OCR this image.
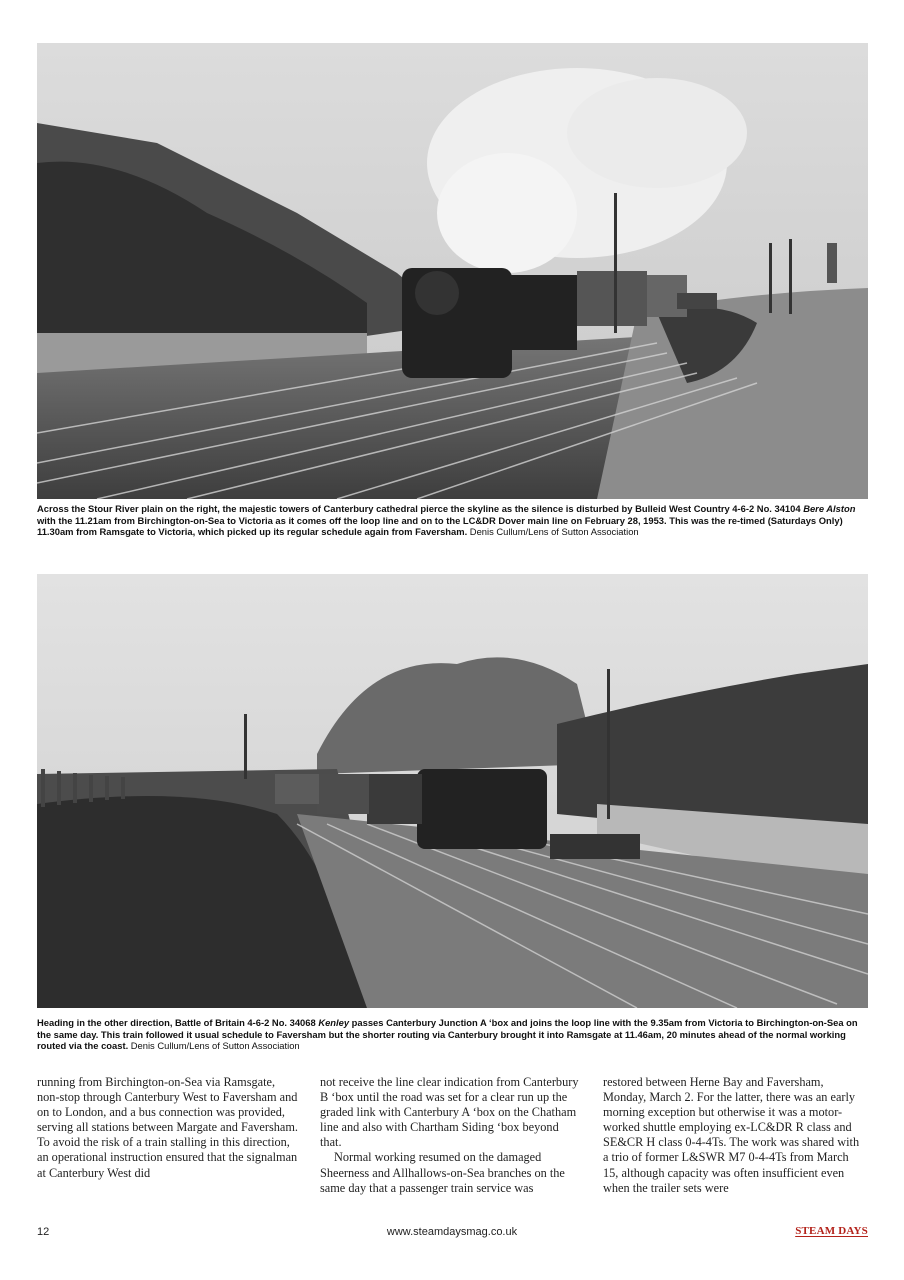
Across the Stour River plain on the right, the majestic towers of Canterbury cathedral pierce the skyline as the silence is disturbed by Bulleid West Country 4-6-2 No. 34104 Bere Alston with the 11.21am from Birchington-on-Sea to Victoria as it comes off the loop line and on to the LC&DR Dover main line on February 28, 1953. This was the re-timed (Saturdays Only) 11.30am from Ramsgate to Victoria, which picked up its regular schedule again from Faversham. Denis Cullum/Lens of Sutton Association
Heading in the other direction, Battle of Britain 4-6-2 No. 34068 Kenley passes Canterbury Junction A ‘box and joins the loop line with the 9.35am from Victoria to Birchington-on-Sea on the same day. This train followed it usual schedule to Faversham but the shorter routing via Canterbury brought it into Ramsgate at 11.46am, 20 minutes ahead of the normal working routed via the coast. Denis Cullum/Lens of Sutton Association

running from Birchington-on-Sea via Ramsgate, non-stop through Canterbury West to Faversham and on to London, and a bus connection was provided, serving all stations between Margate and Faversham. To avoid the risk of a train stalling in this direction, an operational instruction ensured that the signalman at Canterbury West did

not receive the line clear indication from Canterbury B ‘box until the road was set for a clear run up the graded link with Canterbury A ‘box on the Chatham line and also with Chartham Siding ‘box beyond that.

Normal working resumed on the damaged Sheerness and Allhallows-on-Sea branches on the same day that a passenger train service was

restored between Herne Bay and Faversham, Monday, March 2. For the latter, there was an early morning exception but otherwise it was a motor-worked shuttle employing ex-LC&DR R class and SE&CR H class 0-4-4Ts. The work was shared with a trio of former L&SWR M7 0-4-4Ts from March 15, although capacity was often insufficient even when the trailer sets were

12	www.steamdaysmag.co.uk	STEAM DAYS
